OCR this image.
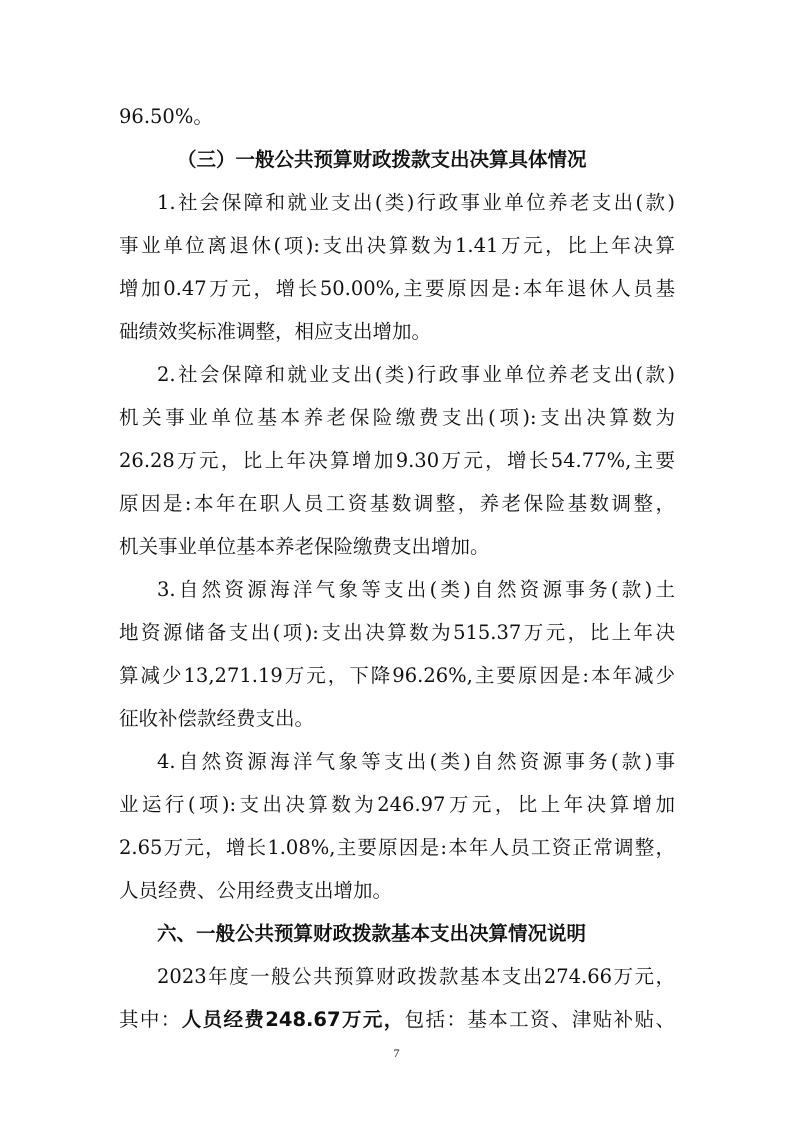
96.50%。
（三）一般公共预算财政拨款支出决算具体情况
1.社会保障和就业支出(类)行政事业单位养老支出(款)
事业单位离退休(项):支出决算数为1.41万元，比上年决算
增加0.47万元，增长50.00%,主要原因是:本年退休人员基
础绩效奖标准调整，相应支出增加。
2.社会保障和就业支出(类)行政事业单位养老支出(款)
机关事业单位基本养老保险缴费支出(项):支出决算数为
26.28万元，比上年决算增加9.30万元，增长54.77%,主要
原因是:本年在职人员工资基数调整，养老保险基数调整，
机关事业单位基本养老保险缴费支出增加。
3.自然资源海洋气象等支出(类)自然资源事务(款)土
地资源储备支出(项):支出决算数为515.37万元，比上年决
算减少13,271.19万元，下降96.26%,主要原因是:本年减少
征收补偿款经费支出。
4.自然资源海洋气象等支出(类)自然资源事务(款)事
业运行(项):支出决算数为246.97万元，比上年决算增加
2.65万元，增长1.08%,主要原因是:本年人员工资正常调整，
人员经费、公用经费支出增加。
六、一般公共预算财政拨款基本支出决算情况说明
2023年度一般公共预算财政拨款基本支出274.66万元，
其中：人员经费248.67万元，包括：基本工资、津贴补贴、
7
